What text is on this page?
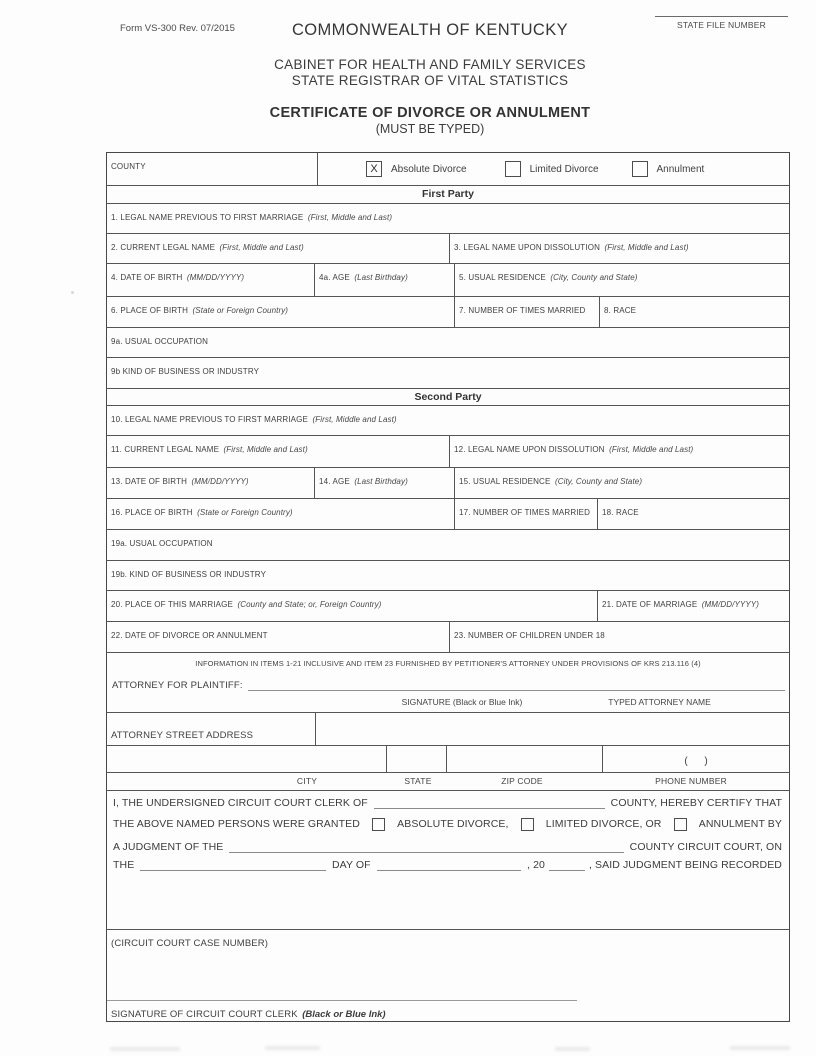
Form VS-300 Rev. 07/2015	COMMONWEALTH OF KENTUCKY
CABINET FOR HEALTH AND FAMILY SERVICES
STATE REGISTRAR OF VITAL STATISTICS
CERTIFICATE OF DIVORCE OR ANNULMENT
(MUST BE TYPED)
STATE FILE NUMBER
COUNTY	X	Absolute Divorce	Limited Divorce	Annulment
First Party
1. LEGAL NAME PREVIOUS TO FIRST MARRIAGE (First, Middle and Last)
2. CURRENT LEGAL NAME (First, Middle and Last)	3. LEGAL NAME UPON DISSOLUTION (First, Middle and Last)
4. DATE OF BIRTH (MM/DD/YYYY)	4a. AGE (Last Birthday)	5. USUAL RESIDENCE (City, County and State)
6. PLACE OF BIRTH (State or Foreign Country)	7. NUMBER OF TIMES MARRIED	8. RACE
9a. USUAL OCCUPATION
9b KIND OF BUSINESS OR INDUSTRY
Second Party
10. LEGAL NAME PREVIOUS TO FIRST MARRIAGE (First, Middle and Last)
11. CURRENT LEGAL NAME (First, Middle and Last)	12. LEGAL NAME UPON DISSOLUTION (First, Middle and Last)
13. DATE OF BIRTH (MM/DD/YYYY)	14. AGE (Last Birthday)	15. USUAL RESIDENCE (City, County and State)
16. PLACE OF BIRTH (State or Foreign Country)	17. NUMBER OF TIMES MARRIED	18. RACE
19a. USUAL OCCUPATION
19b. KIND OF BUSINESS OR INDUSTRY
20. PLACE OF THIS MARRIAGE (County and State; or, Foreign Country)	21. DATE OF MARRIAGE (MM/DD/YYYY)
22. DATE OF DIVORCE OR ANNULMENT	23. NUMBER OF CHILDREN UNDER 18
INFORMATION IN ITEMS 1-21 INCLUSIVE AND ITEM 23 FURNISHED BY PETITIONER'S ATTORNEY UNDER PROVISIONS OF KRS 213.116 (4)
ATTORNEY FOR PLAINTIFF:
SIGNATURE (Black or Blue Ink)	TYPED ATTORNEY NAME
ATTORNEY STREET ADDRESS
(      )
CITY	STATE	ZIP CODE	PHONE NUMBER
I, THE UNDERSIGNED CIRCUIT COURT CLERK OF	COUNTY, HEREBY CERTIFY THAT
THE ABOVE NAMED PERSONS WERE GRANTED	ABSOLUTE DIVORCE,	LIMITED DIVORCE, OR	ANNULMENT BY
A JUDGMENT OF THE	COUNTY CIRCUIT COURT, ON
THE	DAY OF	, 20	, SAID JUDGMENT BEING RECORDED
(CIRCUIT COURT CASE NUMBER)
SIGNATURE OF CIRCUIT COURT CLERK (Black or Blue Ink)
